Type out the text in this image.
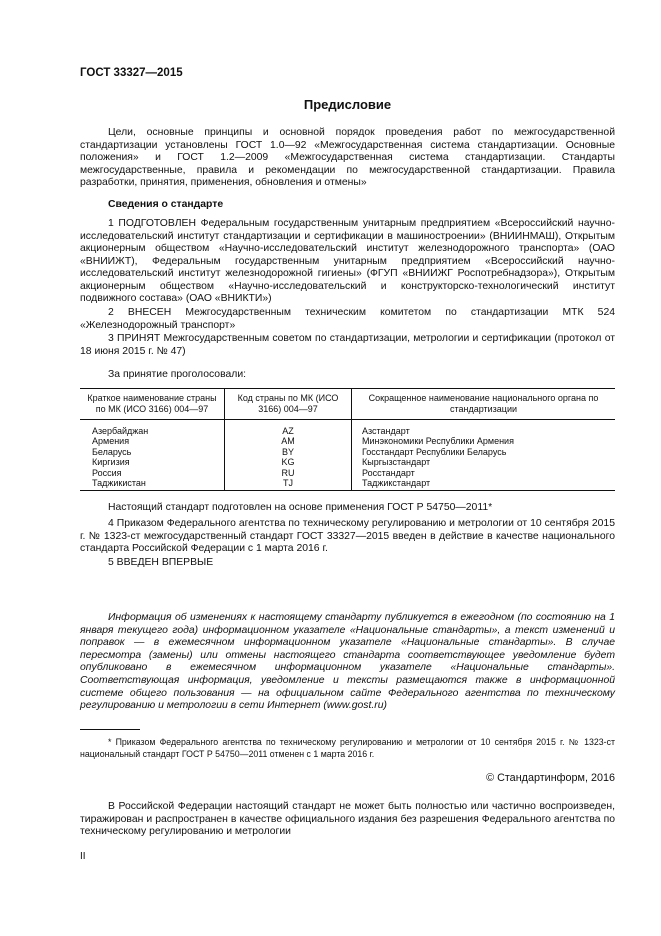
ГОСТ 33327—2015
Предисловие
Цели, основные принципы и основной порядок проведения работ по межгосударственной стандартизации установлены ГОСТ 1.0—92 «Межгосударственная система стандартизации. Основные положения» и ГОСТ 1.2—2009 «Межгосударственная система стандартизации. Стандарты межгосударственные, правила и рекомендации по межгосударственной стандартизации. Правила разработки, принятия, применения, обновления и отмены»
Сведения о стандарте
1 ПОДГОТОВЛЕН Федеральным государственным унитарным предприятием «Всероссийский научно-исследовательский институт стандартизации и сертификации в машиностроении» (ВНИИНМАШ), Открытым акционерным обществом «Научно-исследовательский институт железнодорожного транспорта» (ОАО «ВНИИЖТ), Федеральным государственным унитарным предприятием «Всероссийский научно-исследовательский институт железнодорожной гигиены» (ФГУП «ВНИИЖГ Роспотребнадзора»), Открытым акционерным обществом «Научно-исследовательский и конструкторско-технологический институт подвижного состава» (ОАО «ВНИКТИ»)
2 ВНЕСЕН Межгосударственным техническим комитетом по стандартизации МТК 524 «Железнодорожный транспорт»
3 ПРИНЯТ Межгосударственным советом по стандартизации, метрологии и сертификации (протокол от 18 июня 2015 г. № 47)
За принятие проголосовали:
Краткое наименование страны по МК (ИСО 3166) 004—97	Код страны по МК (ИСО 3166) 004—97	Сокращенное наименование национального органа по стандартизации
Азербайджан	AZ	Азстандарт
Армения	AM	Минэкономики Республики Армения
Беларусь	BY	Госстандарт Республики Беларусь
Киргизия	KG	Кыргызстандарт
Россия	RU	Росстандарт
Таджикистан	TJ	Таджикстандарт
Настоящий стандарт подготовлен на основе применения ГОСТ Р 54750—2011*
4 Приказом Федерального агентства по техническому регулированию и метрологии от 10 сентября 2015 г. № 1323-ст межгосударственный стандарт ГОСТ 33327—2015 введен в действие в качестве национального стандарта Российской Федерации с 1 марта 2016 г.
5 ВВЕДЕН ВПЕРВЫЕ
Информация об изменениях к настоящему стандарту публикуется в ежегодном (по состоянию на 1 января текущего года) информационном указателе «Национальные стандарты», а текст изменений и поправок — в ежемесячном информационном указателе «Национальные стандарты». В случае пересмотра (замены) или отмены настоящего стандарта соответствующее уведомление будет опубликовано в ежемесячном информационном указателе «Национальные стандарты». Соответствующая информация, уведомление и тексты размещаются также в информационной системе общего пользования — на официальном сайте Федерального агентства по техническому регулированию и метрологии в сети Интернет (www.gost.ru)
* Приказом Федерального агентства по техническому регулированию и метрологии от 10 сентября 2015 г. № 1323-ст национальный стандарт ГОСТ Р 54750—2011 отменен с 1 марта 2016 г.
© Стандартинформ, 2016
В Российской Федерации настоящий стандарт не может быть полностью или частично воспроизведен, тиражирован и распространен в качестве официального издания без разрешения Федерального агентства по техническому регулированию и метрологии
II
